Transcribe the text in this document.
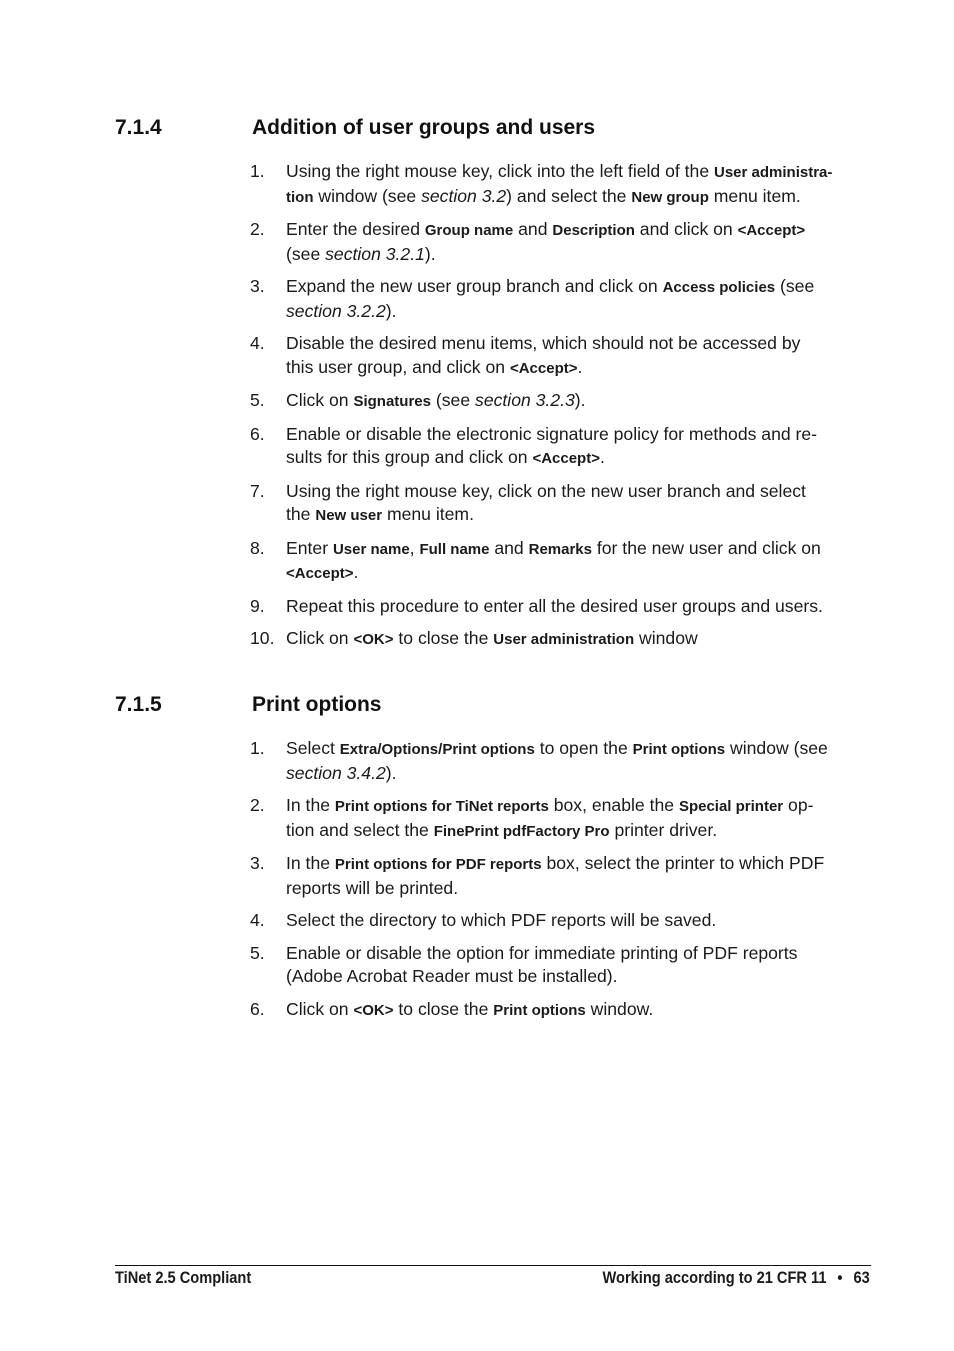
7.1.4	Addition of user groups and users
1. Using the right mouse key, click into the left field of the User administra-
tion window (see section 3.2) and select the New group menu item.
2. Enter the desired Group name and Description and click on <Accept>
(see section 3.2.1).
3. Expand the new user group branch and click on Access policies (see
section 3.2.2).
4. Disable the desired menu items, which should not be accessed by
this user group, and click on <Accept>.
5. Click on Signatures (see section 3.2.3).
6. Enable or disable the electronic signature policy for methods and re-
sults for this group and click on <Accept>.
7. Using the right mouse key, click on the new user branch and select
the New user menu item.
8. Enter User name, Full name and Remarks for the new user and click on
<Accept>.
9. Repeat this procedure to enter all the desired user groups and users.
10. Click on <OK> to close the User administration window
7.1.5	Print options
1. Select Extra/Options/Print options to open the Print options window (see
section 3.4.2).
2. In the Print options for TiNet reports box, enable the Special printer op-
tion and select the FinePrint pdfFactory Pro printer driver.
3. In the Print options for PDF reports box, select the printer to which PDF
reports will be printed.
4. Select the directory to which PDF reports will be saved.
5. Enable or disable the option for immediate printing of PDF reports
(Adobe Acrobat Reader must be installed).
6. Click on <OK> to close the Print options window.
TiNet 2.5 Compliant	Working according to 21 CFR 11 • 63
